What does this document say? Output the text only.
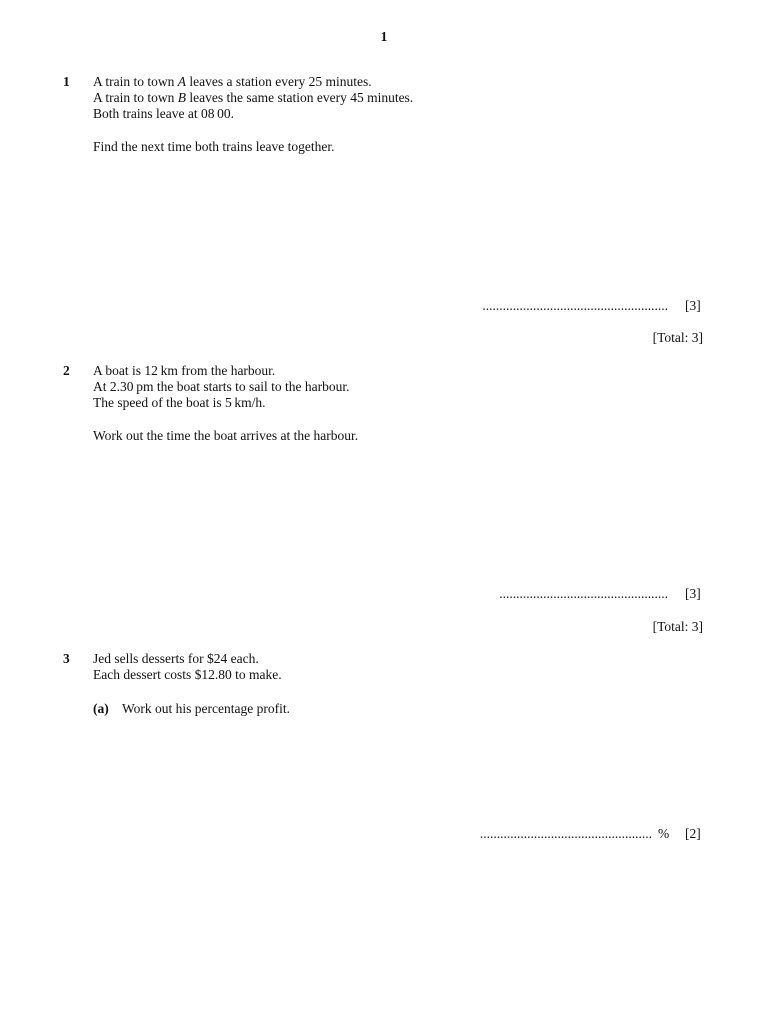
1
1 A train to town A leaves a station every 25 minutes.
A train to town B leaves the same station every 45 minutes.
Both trains leave at 08 00.
Find the next time both trains leave together.
....................................................... [3]
[Total: 3]
2 A boat is 12 km from the harbour.
At 2.30 pm the boat starts to sail to the harbour.
The speed of the boat is 5 km/h.
Work out the time the boat arrives at the harbour.
.................................................. [3]
[Total: 3]
3 Jed sells desserts for $24 each.
Each dessert costs $12.80 to make.
(a) Work out his percentage profit.
................................................... % [2]
